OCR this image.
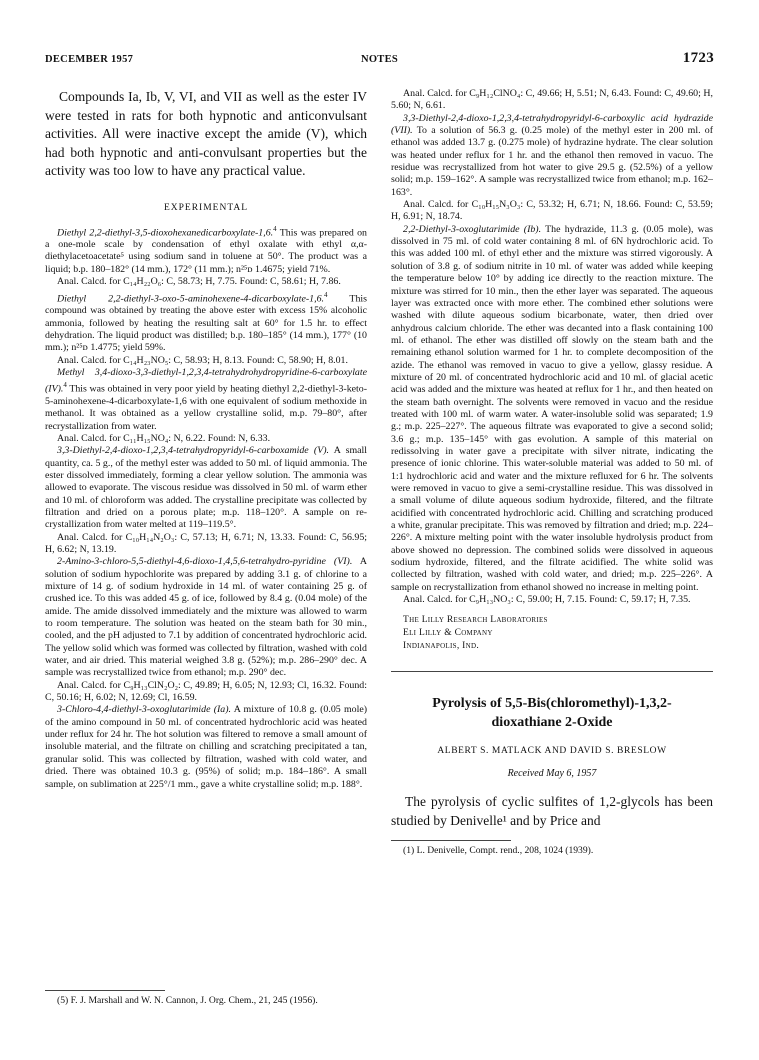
DECEMBER 1957	NOTES	1723

Compounds Ia, Ib, V, VI, and VII as well as the ester IV were tested in rats for both hypnotic and anticonvulsant activities. All were inactive except the amide (V), which had both hypnotic and anti-convulsant properties but the activity was too low to have any practical value.

EXPERIMENTAL

Diethyl 2,2-diethyl-3,5-dioxohexanedicarboxylate-1,6.$^4$ This was prepared on a one-mole scale by condensation of ethyl oxalate with ethyl α,α-diethylacetoacetate⁵ using sodium sand in toluene at 50°. The product was a liquid; b.p. 180–182° (14 mm.), 172° (11 mm.); n²⁵ᴅ 1.4675; yield 71%.

Anal. Calcd. for C₁₄H₂₂O₆: C, 58.73; H, 7.75. Found: C, 58.61; H, 7.86.

Diethyl 2,2-diethyl-3-oxo-5-aminohexene-4-dicarboxylate-1,6.$^4$ This compound was obtained by treating the above ester with excess 15% alcoholic ammonia, followed by heating the resulting salt at 60° for 1.5 hr. to effect dehydration. The liquid product was distilled; b.p. 180–185° (14 mm.), 177° (10 mm.); n²⁵ᴅ 1.4775; yield 59%.

Anal. Calcd. for C₁₄H₂₃NO₅: C, 58.93; H, 8.13. Found: C, 58.90; H, 8.01.

Methyl 3,4-dioxo-3,3-diethyl-1,2,3,4-tetrahydrohydropyridine-6-carboxylate (IV).$^4$ This was obtained in very poor yield by heating diethyl 2,2-diethyl-3-keto-5-aminohexene-4-dicarboxylate-1,6 with one equivalent of sodium methoxide in methanol. It was obtained as a yellow crystalline solid, m.p. 79–80°, after recrystallization from water.

Anal. Calcd. for C₁₁H₁₅NO₄: N, 6.22. Found: N, 6.33.

3,3-Diethyl-2,4-dioxo-1,2,3,4-tetrahydropyridyl-6-carboxamide (V). A small quantity, ca. 5 g., of the methyl ester was added to 50 ml. of liquid ammonia. The ester dissolved immediately, forming a clear yellow solution. The ammonia was allowed to evaporate. The viscous residue was dissolved in 50 ml. of warm ether and 10 ml. of chloroform was added. The crystalline precipitate was collected by filtration and dried on a porous plate; m.p. 118–120°. A sample on re-crystallization from water melted at 119–119.5°.

Anal. Calcd. for C₁₀H₁₄N₂O₃: C, 57.13; H, 6.71; N, 13.33. Found: C, 56.95; H, 6.62; N, 13.19.

2-Amino-3-chloro-5,5-diethyl-4,6-dioxo-1,4,5,6-tetrahydro-pyridine (VI). A solution of sodium hypochlorite was prepared by adding 3.1 g. of chlorine to a mixture of 14 g. of sodium hydroxide in 14 ml. of water containing 25 g. of crushed ice. To this was added 45 g. of ice, followed by 8.4 g. (0.04 mole) of the amide. The amide dissolved immediately and the mixture was allowed to warm to room temperature. The solution was heated on the steam bath for 30 min., cooled, and the pH adjusted to 7.1 by addition of concentrated hydrochloric acid. The yellow solid which was formed was collected by filtration, washed with cold water, and air dried. This material weighed 3.8 g. (52%); m.p. 286–290° dec. A sample was recrystallized twice from ethanol; m.p. 290° dec.

Anal. Calcd. for C₉H₁₃ClN₂O₂: C, 49.89; H, 6.05; N, 12.93; Cl, 16.32. Found: C, 50.16; H, 6.02; N, 12.69; Cl, 16.59.

3-Chloro-4,4-diethyl-3-oxoglutarimide (Ia). A mixture of 10.8 g. (0.05 mole) of the amino compound in 50 ml. of concentrated hydrochloric acid was heated under reflux for 24 hr. The hot solution was filtered to remove a small amount of insoluble material, and the filtrate on chilling and scratching precipitated a tan, granular solid. This was collected by filtration, washed with cold water, and dried. There was obtained 10.3 g. (95%) of solid; m.p. 184–186°. A small sample, on sublimation at 225°/1 mm., gave a white crystalline solid; m.p. 188°.

(5) F. J. Marshall and W. N. Cannon, J. Org. Chem., 21, 245 (1956).

Anal. Calcd. for C₉H₁₂ClNO₄: C, 49.66; H, 5.51; N, 6.43. Found: C, 49.60; H, 5.60; N, 6.61.

3,3-Diethyl-2,4-dioxo-1,2,3,4-tetrahydropyridyl-6-carboxylic acid hydrazide (VII). To a solution of 56.3 g. (0.25 mole) of the methyl ester in 200 ml. of ethanol was added 13.7 g. (0.275 mole) of hydrazine hydrate. The clear solution was heated under reflux for 1 hr. and the ethanol then removed in vacuo. The residue was recrystallized from hot water to give 29.5 g. (52.5%) of a yellow solid; m.p. 159–162°. A sample was recrystallized twice from ethanol; m.p. 162–163°.

Anal. Calcd. for C₁₀H₁₅N₃O₃: C, 53.32; H, 6.71; N, 18.66. Found: C, 53.59; H, 6.91; N, 18.74.

2,2-Diethyl-3-oxoglutarimide (Ib). The hydrazide, 11.3 g. (0.05 mole), was dissolved in 75 ml. of cold water containing 8 ml. of 6N hydrochloric acid. To this was added 100 ml. of ethyl ether and the mixture was stirred vigorously. A solution of 3.8 g. of sodium nitrite in 10 ml. of water was added while keeping the temperature below 10° by adding ice directly to the reaction mixture. The mixture was stirred for 10 min., then the ether layer was separated. The aqueous layer was extracted once with more ether. The combined ether solutions were washed with dilute aqueous sodium bicarbonate, water, then dried over anhydrous calcium chloride. The ether was decanted into a flask containing 100 ml. of ethanol. The ether was distilled off slowly on the steam bath and the remaining ethanol solution warmed for 1 hr. to complete decomposition of the azide. The ethanol was removed in vacuo to give a yellow, glassy residue. A mixture of 20 ml. of concentrated hydrochloric acid and 10 ml. of glacial acetic acid was added and the mixture was heated at reflux for 1 hr., and then heated on the steam bath overnight. The solvents were removed in vacuo and the residue treated with 100 ml. of warm water. A water-insoluble solid was separated; 1.9 g.; m.p. 225–227°. The aqueous filtrate was evaporated to give a second solid; 3.6 g.; m.p. 135–145° with gas evolution. A sample of this material on redissolving in water gave a precipitate with silver nitrate, indicating the presence of ionic chlorine. This water-soluble material was added to 50 ml. of 1:1 hydrochloric acid and water and the mixture refluxed for 6 hr. The solvents were removed in vacuo to give a semi-crystalline residue. This was dissolved in a small volume of dilute aqueous sodium hydroxide, filtered, and the filtrate acidified with concentrated hydrochloric acid. Chilling and scratching produced a white, granular precipitate. This was removed by filtration and dried; m.p. 224–226°. A mixture melting point with the water insoluble hydrolysis product from above showed no depression. The combined solids were dissolved in aqueous sodium hydroxide, filtered, and the filtrate acidified. The white solid was collected by filtration, washed with cold water, and dried; m.p. 225–226°. A sample on recrystallization from ethanol showed no increase in melting point.

Anal. Calcd. for C₉H₁₃NO₃: C, 59.00; H, 7.15. Found: C, 59.17; H, 7.35.

The Lilly Research Laboratories
Eli Lilly & Company
Indianapolis, Ind.
Pyrolysis of 5,5-Bis(chloromethyl)-1,3,2-dioxathiane 2-Oxide
ALBERT S. MATLACK AND DAVID S. BRESLOW
Received May 6, 1957

The pyrolysis of cyclic sulfites of 1,2-glycols has been studied by Denivelle¹ and by Price and

(1) L. Denivelle, Compt. rend., 208, 1024 (1939).
